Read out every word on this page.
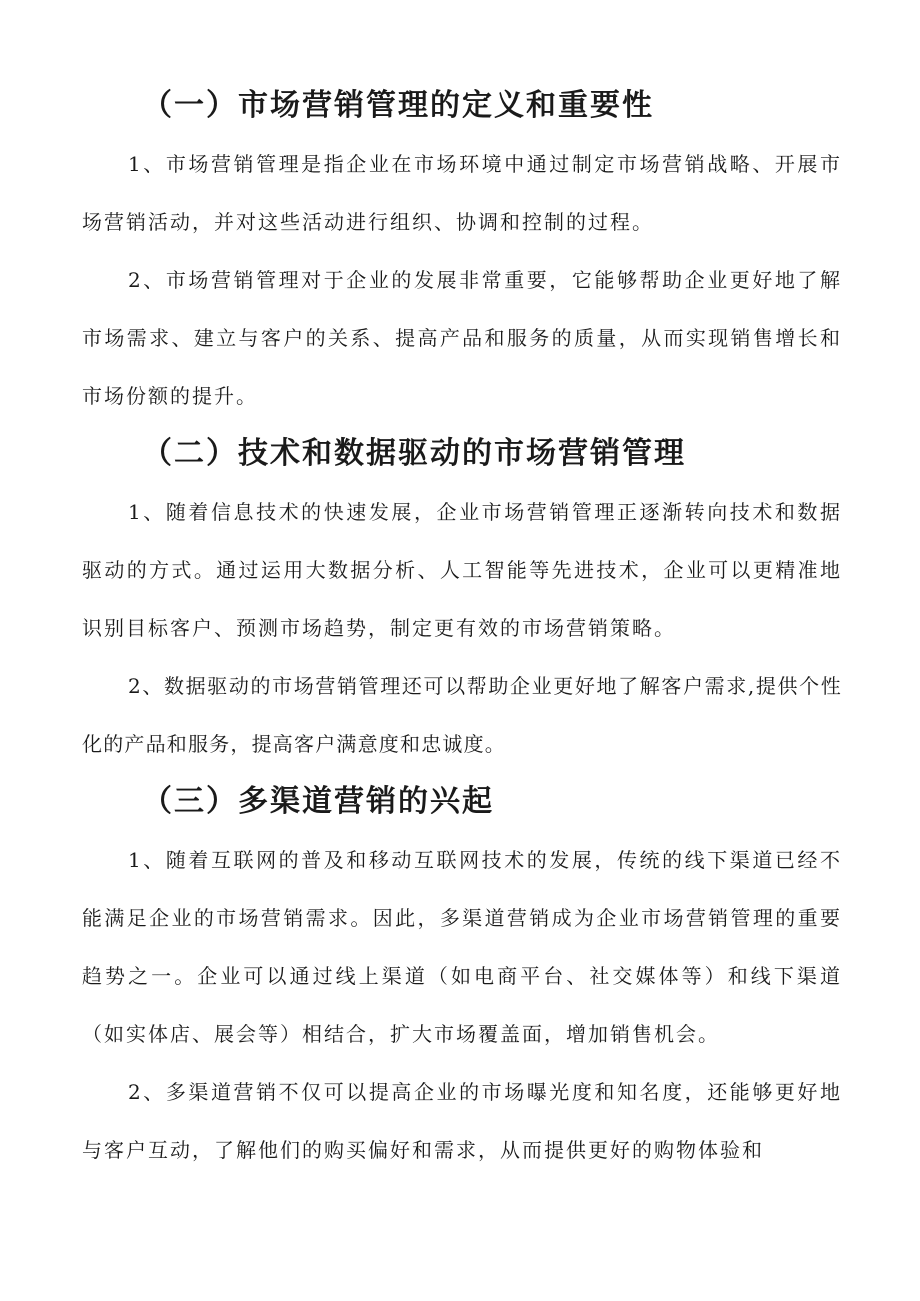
（一）市场营销管理的定义和重要性

1、市场营销管理是指企业在市场环境中通过制定市场营销战略、开展市场营销活动，并对这些活动进行组织、协调和控制的过程。

2、市场营销管理对于企业的发展非常重要，它能够帮助企业更好地了解市场需求、建立与客户的关系、提高产品和服务的质量，从而实现销售增长和市场份额的提升。

（二）技术和数据驱动的市场营销管理

1、随着信息技术的快速发展，企业市场营销管理正逐渐转向技术和数据驱动的方式。通过运用大数据分析、人工智能等先进技术，企业可以更精准地识别目标客户、预测市场趋势，制定更有效的市场营销策略。

2、数据驱动的市场营销管理还可以帮助企业更好地了解客户需求,提供个性化的产品和服务，提高客户满意度和忠诚度。

（三）多渠道营销的兴起

1、随着互联网的普及和移动互联网技术的发展，传统的线下渠道已经不能满足企业的市场营销需求。因此，多渠道营销成为企业市场营销管理的重要趋势之一。企业可以通过线上渠道（如电商平台、社交媒体等）和线下渠道（如实体店、展会等）相结合，扩大市场覆盖面，增加销售机会。

2、多渠道营销不仅可以提高企业的市场曝光度和知名度，还能够更好地与客户互动，了解他们的购买偏好和需求，从而提供更好的购物体验和
